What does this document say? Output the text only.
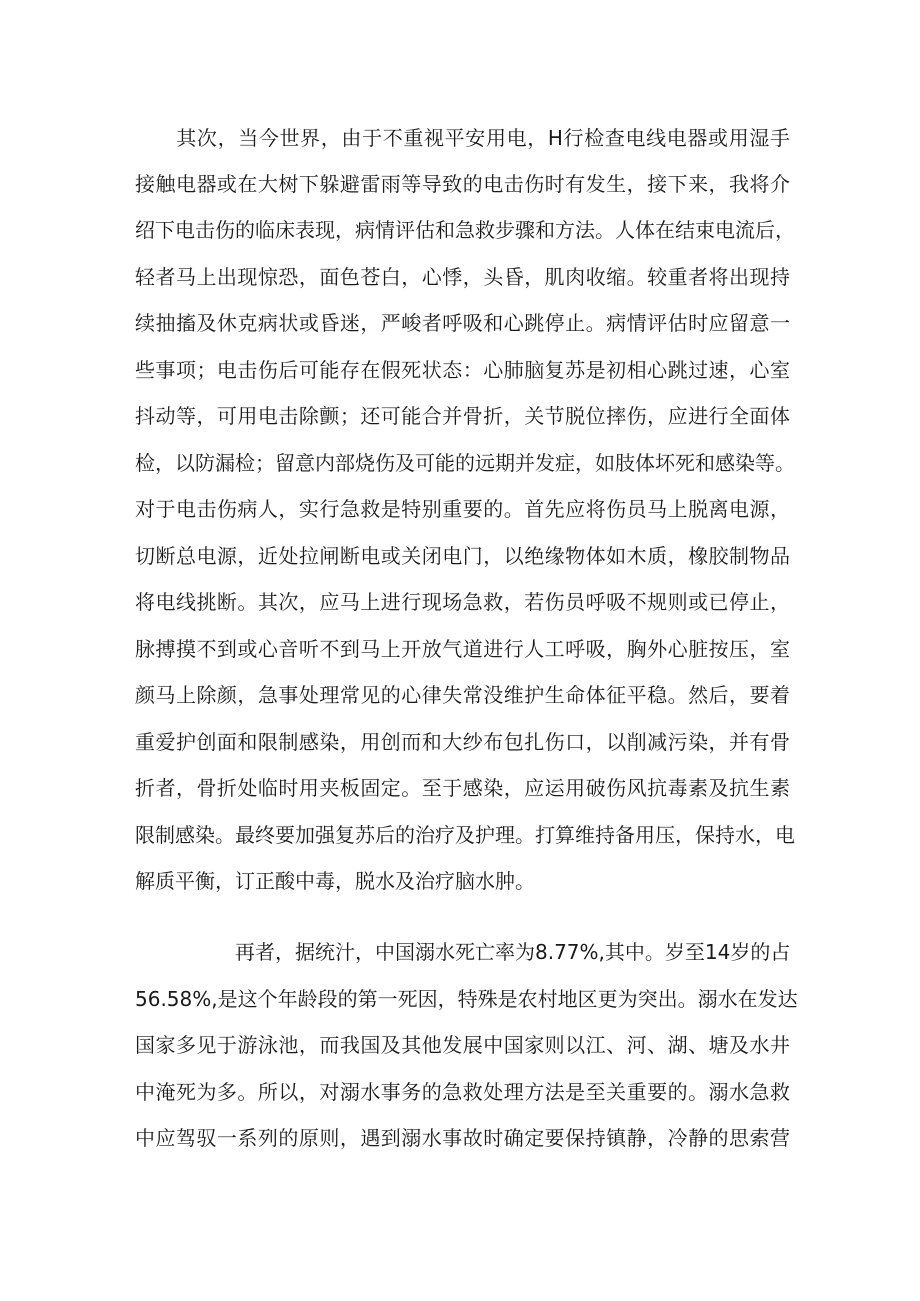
　　其次，当今世界，由于不重视平安用电，H行检查电线电器或用湿手

接触电器或在大树下躲避雷雨等导致的电击伤时有发生，接下来，我将介

绍下电击伤的临床表现，病情评估和急救步骤和方法。人体在结束电流后，

轻者马上出现惊恐，面色苍白，心悸，头昏，肌肉收缩。较重者将出现持

续抽搐及休克病状或昏迷，严峻者呼吸和心跳停止。病情评估时应留意一

些事项；电击伤后可能存在假死状态：心肺脑复苏是初相心跳过速，心室

抖动等，可用电击除颤；还可能合并骨折，关节脱位摔伤，应进行全面体

检，以防漏检；留意内部烧伤及可能的远期并发症，如肢体坏死和感染等。

对于电击伤病人，实行急救是特别重要的。首先应将伤员马上脱离电源，

切断总电源，近处拉闸断电或关闭电门，以绝缘物体如木质，橡胶制物品

将电线挑断。其次，应马上进行现场急救，若伤员呼吸不规则或已停止，

脉搏摸不到或心音听不到马上开放气道进行人工呼吸，胸外心脏按压，室

颜马上除颜，急事处理常见的心律失常没维护生命体征平稳。然后，要着

重爱护创面和限制感染，用创而和大纱布包扎伤口，以削减污染，并有骨

折者，骨折处临时用夹板固定。至于感染，应运用破伤风抗毒素及抗生素

限制感染。最终要加强复苏后的治疗及护理。打算维持备用压，保持水，电

解质平衡，订正酸中毒，脱水及治疗脑水肿。

　　　　　再者，据统汁，中国溺水死亡率为8.77%,其中。岁至14岁的占

56.58%,是这个年龄段的第一死因，特殊是农村地区更为突出。溺水在发达

国家多见于游泳池，而我国及其他发展中国家则以江、河、湖、塘及水井

中淹死为多。所以，对溺水事务的急救处理方法是至关重要的。溺水急救

中应驾驭一系列的原则，遇到溺水事故时确定要保持镇静，冷静的思索营
